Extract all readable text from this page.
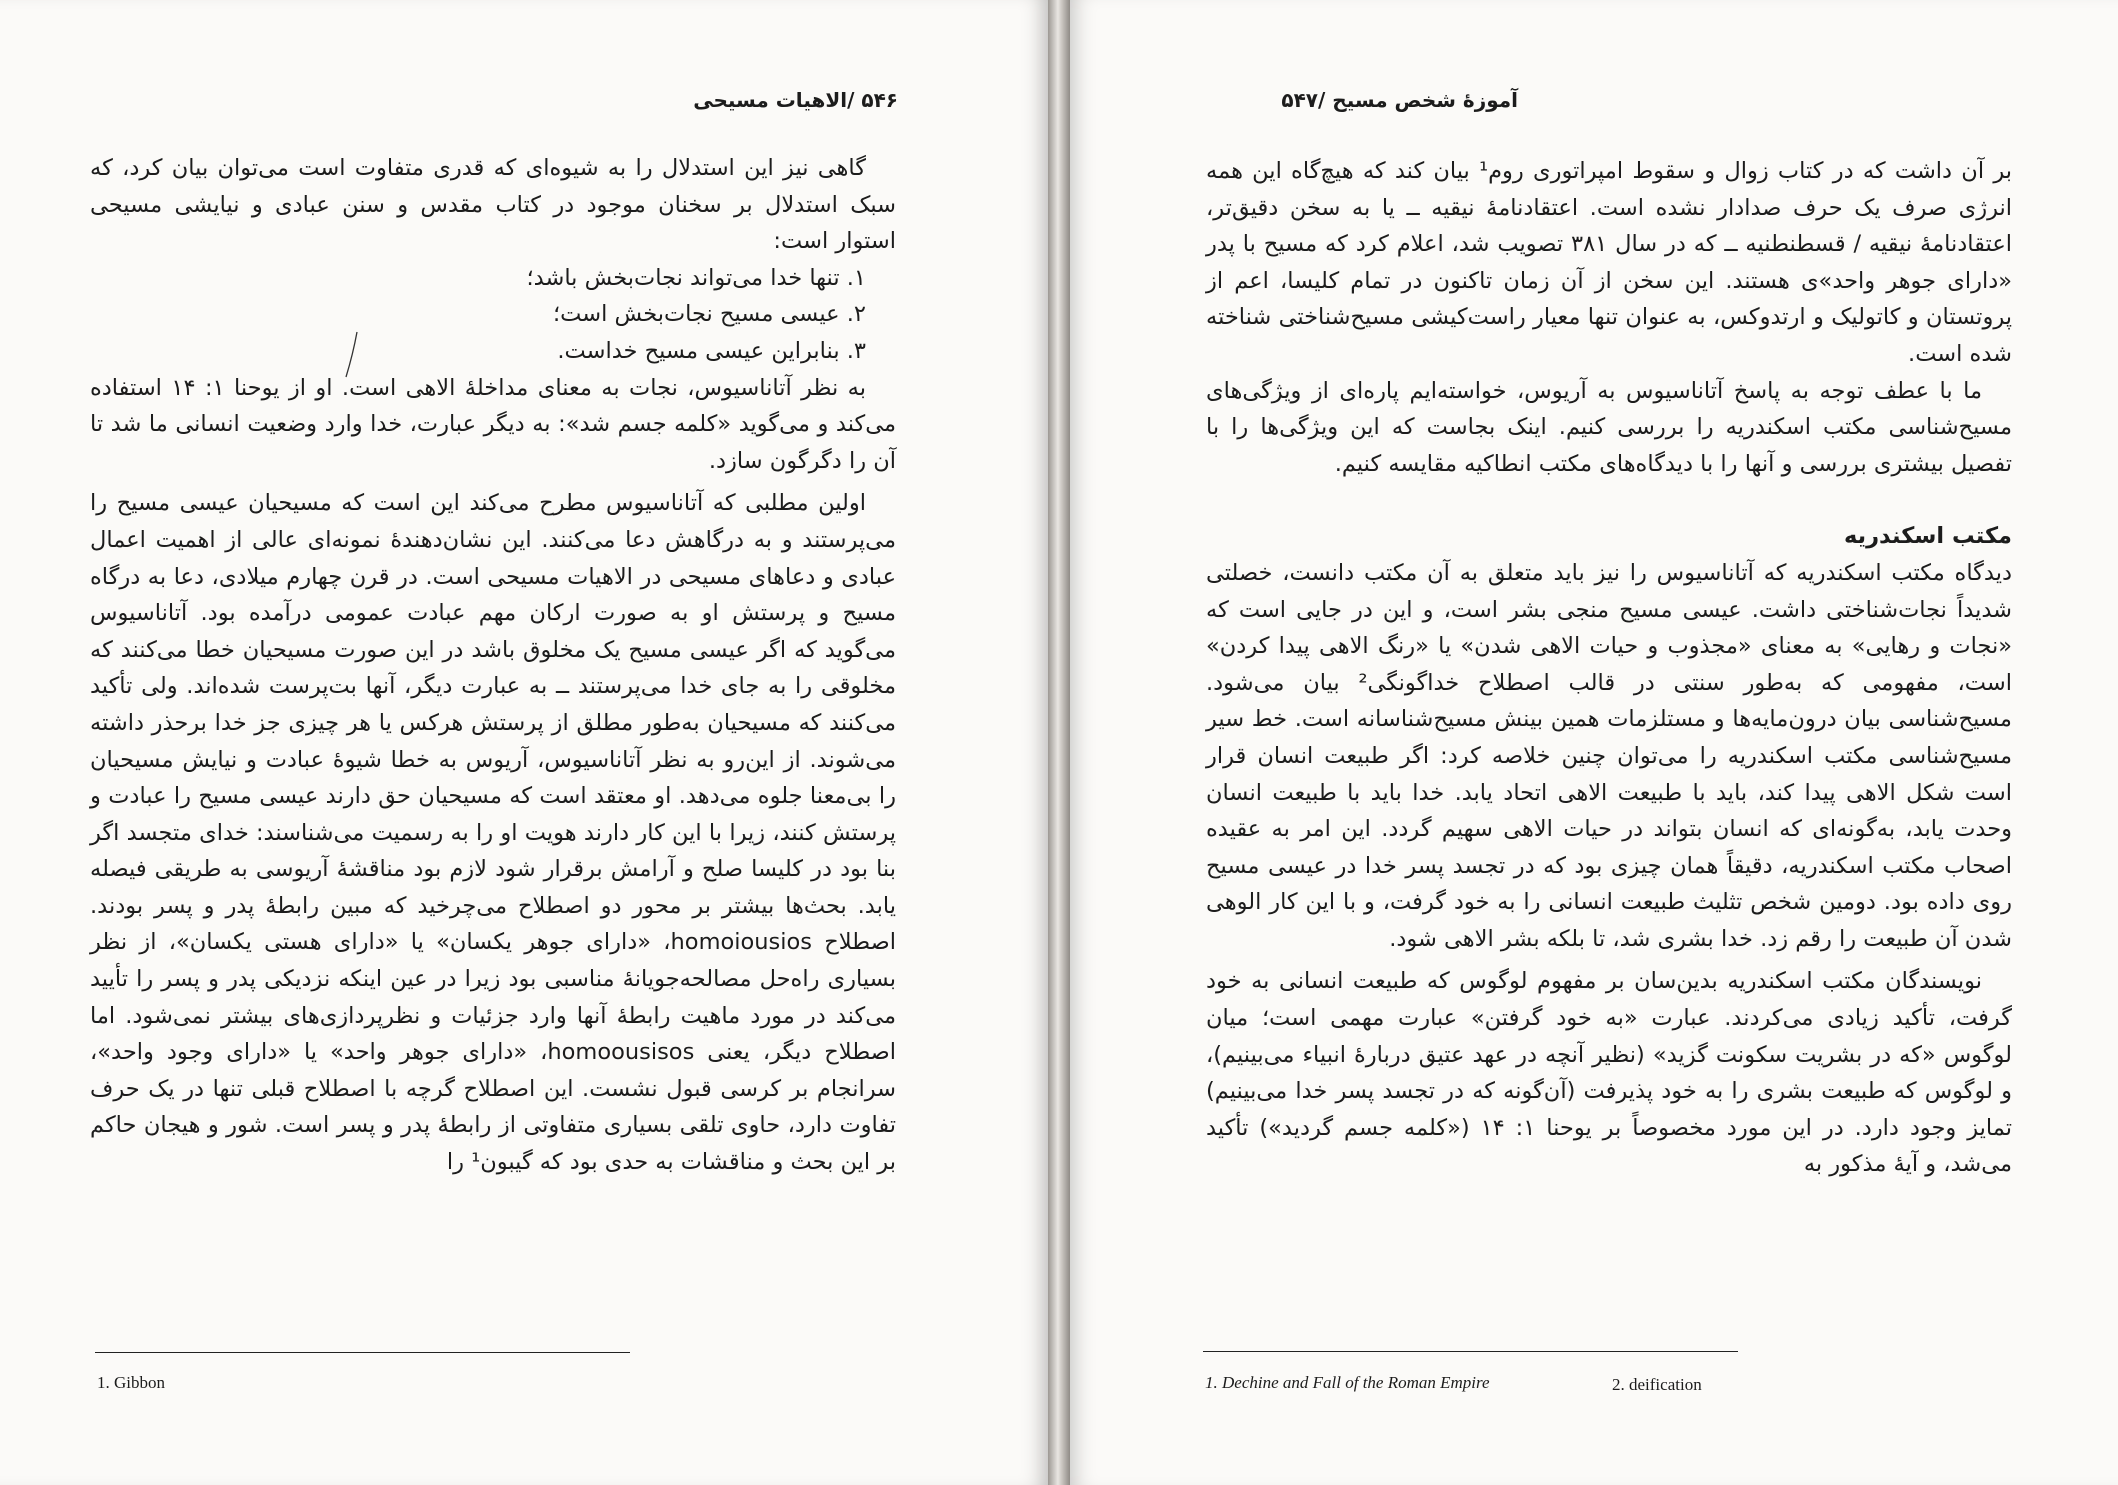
۵۴۶ /الاهیات مسیحی

گاهی نیز این استدلال را به شیوه‌ای که قدری متفاوت است می‌توان بیان کرد، که سبک استدلال بر سخنان موجود در کتاب مقدس و سنن عبادی و نیایشی مسیحی استوار است:

۱. تنها خدا می‌تواند نجات‌بخش باشد؛

۲. عیسی مسیح نجات‌بخش است؛

۳. بنابراین عیسی مسیح خداست.

به نظر آتاناسیوس، نجات به معنای مداخلهٔ الاهی است. او از یوحنا ۱: ۱۴ استفاده می‌کند و می‌گوید «کلمه جسم شد»: به دیگر عبارت، خدا وارد وضعیت انسانی ما شد تا آن را دگرگون سازد.

اولین مطلبی که آتاناسیوس مطرح می‌کند این است که مسیحیان عیسی مسیح را می‌پرستند و به درگاهش دعا می‌کنند. این نشان‌دهندهٔ نمونه‌ای عالی از اهمیت اعمال عبادی و دعاهای مسیحی در الاهیات مسیحی است. در قرن چهارم میلادی، دعا به درگاه مسیح و پرستش او به صورت ارکان مهم عبادت عمومی درآمده بود. آتاناسیوس می‌گوید که اگر عیسی مسیح یک مخلوق باشد در این صورت مسیحیان خطا می‌کنند که مخلوقی را به جای خدا می‌پرستند ــ به عبارت دیگر، آنها بت‌پرست شده‌اند. ولی تأکید می‌کنند که مسیحیان به‌طور مطلق از پرستش هرکس یا هر چیزی جز خدا برحذر داشته می‌شوند. از این‌رو به نظر آتاناسیوس، آریوس به خطا شیوهٔ عبادت و نیایش مسیحیان را بی‌معنا جلوه می‌دهد. او معتقد است که مسیحیان حق دارند عیسی مسیح را عبادت و پرستش کنند، زیرا با این کار دارند هویت او را به رسمیت می‌شناسند: خدای متجسد اگر بنا بود در کلیسا صلح و آرامش برقرار شود لازم بود مناقشهٔ آریوسی به طریقی فیصله یابد. بحث‌ها بیشتر بر محور دو اصطلاح می‌چرخید که مبین رابطهٔ پدر و پسر بودند. اصطلاح homoiousios، «دارای جوهر یکسان» یا «دارای هستی یکسان»، از نظر بسیاری راه‌حل مصالحه‌جویانهٔ مناسبی بود زیرا در عین اینکه نزدیکی پدر و پسر را تأیید می‌کند در مورد ماهیت رابطهٔ آنها وارد جزئیات و نظرپردازی‌های بیشتر نمی‌شود. اما اصطلاح دیگر، یعنی homoousisos، «دارای جوهر واحد» یا «دارای وجود واحد»، سرانجام بر کرسی قبول نشست. این اصطلاح گرچه با اصطلاح قبلی تنها در یک حرف تفاوت دارد، حاوی تلقی بسیاری متفاوتی از رابطهٔ پدر و پسر است. شور و هیجان حاکم بر این بحث و مناقشات به حدی بود که گیبون¹ را

1. Gibbon
آموزهٔ شخص مسیح /۵۴۷

بر آن داشت که در کتاب زوال و سقوط امپراتوری روم¹ بیان کند که هیچ‌گاه این همه انرژی صرف یک حرف صدادار نشده است. اعتقادنامهٔ نیقیه ــ یا به سخن دقیق‌تر، اعتقادنامهٔ نیقیه / قسطنطنیه ــ که در سال ۳۸۱ تصویب شد، اعلام کرد که مسیح با پدر «دارای جوهر واحد»ی هستند. این سخن از آن زمان تاکنون در تمام کلیسا، اعم از پروتستان و کاتولیک و ارتدوکس، به عنوان تنها معیار راست‌کیشی مسیح‌شناختی شناخته شده است.

ما با عطف توجه به پاسخ آتاناسیوس به آریوس، خواسته‌ایم پاره‌ای از ویژگی‌های مسیح‌شناسی مکتب اسکندریه را بررسی کنیم. اینک بجاست که این ویژگی‌ها را با تفصیل بیشتری بررسی و آنها را با دیدگاه‌های مکتب انطاکیه مقایسه کنیم.

مکتب اسکندریه

دیدگاه مکتب اسکندریه که آتاناسیوس را نیز باید متعلق به آن مکتب دانست، خصلتی شدیداً نجات‌شناختی داشت. عیسی مسیح منجی بشر است، و این در جایی است که «نجات و رهایی» به معنای «مجذوب و حیات الاهی شدن» یا «رنگ الاهی پیدا کردن» است، مفهومی که به‌طور سنتی در قالب اصطلاح خداگونگی² بیان می‌شود. مسیح‌شناسی بیان درون‌مایه‌ها و مستلزمات همین بینش مسیح‌شناسانه است. خط سیر مسیح‌شناسی مکتب اسکندریه را می‌توان چنین خلاصه کرد: اگر طبیعت انسان قرار است شکل الاهی پیدا کند، باید با طبیعت الاهی اتحاد یابد. خدا باید با طبیعت انسان وحدت یابد، به‌گونه‌ای که انسان بتواند در حیات الاهی سهیم گردد. این امر به عقیده اصحاب مکتب اسکندریه، دقیقاً همان چیزی بود که در تجسد پسر خدا در عیسی مسیح روی داده بود. دومین شخص تثلیث طبیعت انسانی را به خود گرفت، و با این کار الوهی شدن آن طبیعت را رقم زد. خدا بشری شد، تا بلکه بشر الاهی شود.

نویسندگان مکتب اسکندریه بدین‌سان بر مفهوم لوگوس که طبیعت انسانی به خود گرفت، تأکید زیادی می‌کردند. عبارت «به خود گرفتن» عبارت مهمی است؛ میان لوگوس «که در بشریت سکونت گزید» (نظیر آنچه در عهد عتیق دربارهٔ انبیاء می‌بینیم)، و لوگوس که طبیعت بشری را به خود پذیرفت (آن‌گونه که در تجسد پسر خدا می‌بینیم) تمایز وجود دارد. در این مورد مخصوصاً بر یوحنا ۱: ۱۴ («کلمه جسم گردید») تأکید می‌شد، و آیهٔ مذکور به

1. Dechine and Fall of the Roman Empire	2. deification
